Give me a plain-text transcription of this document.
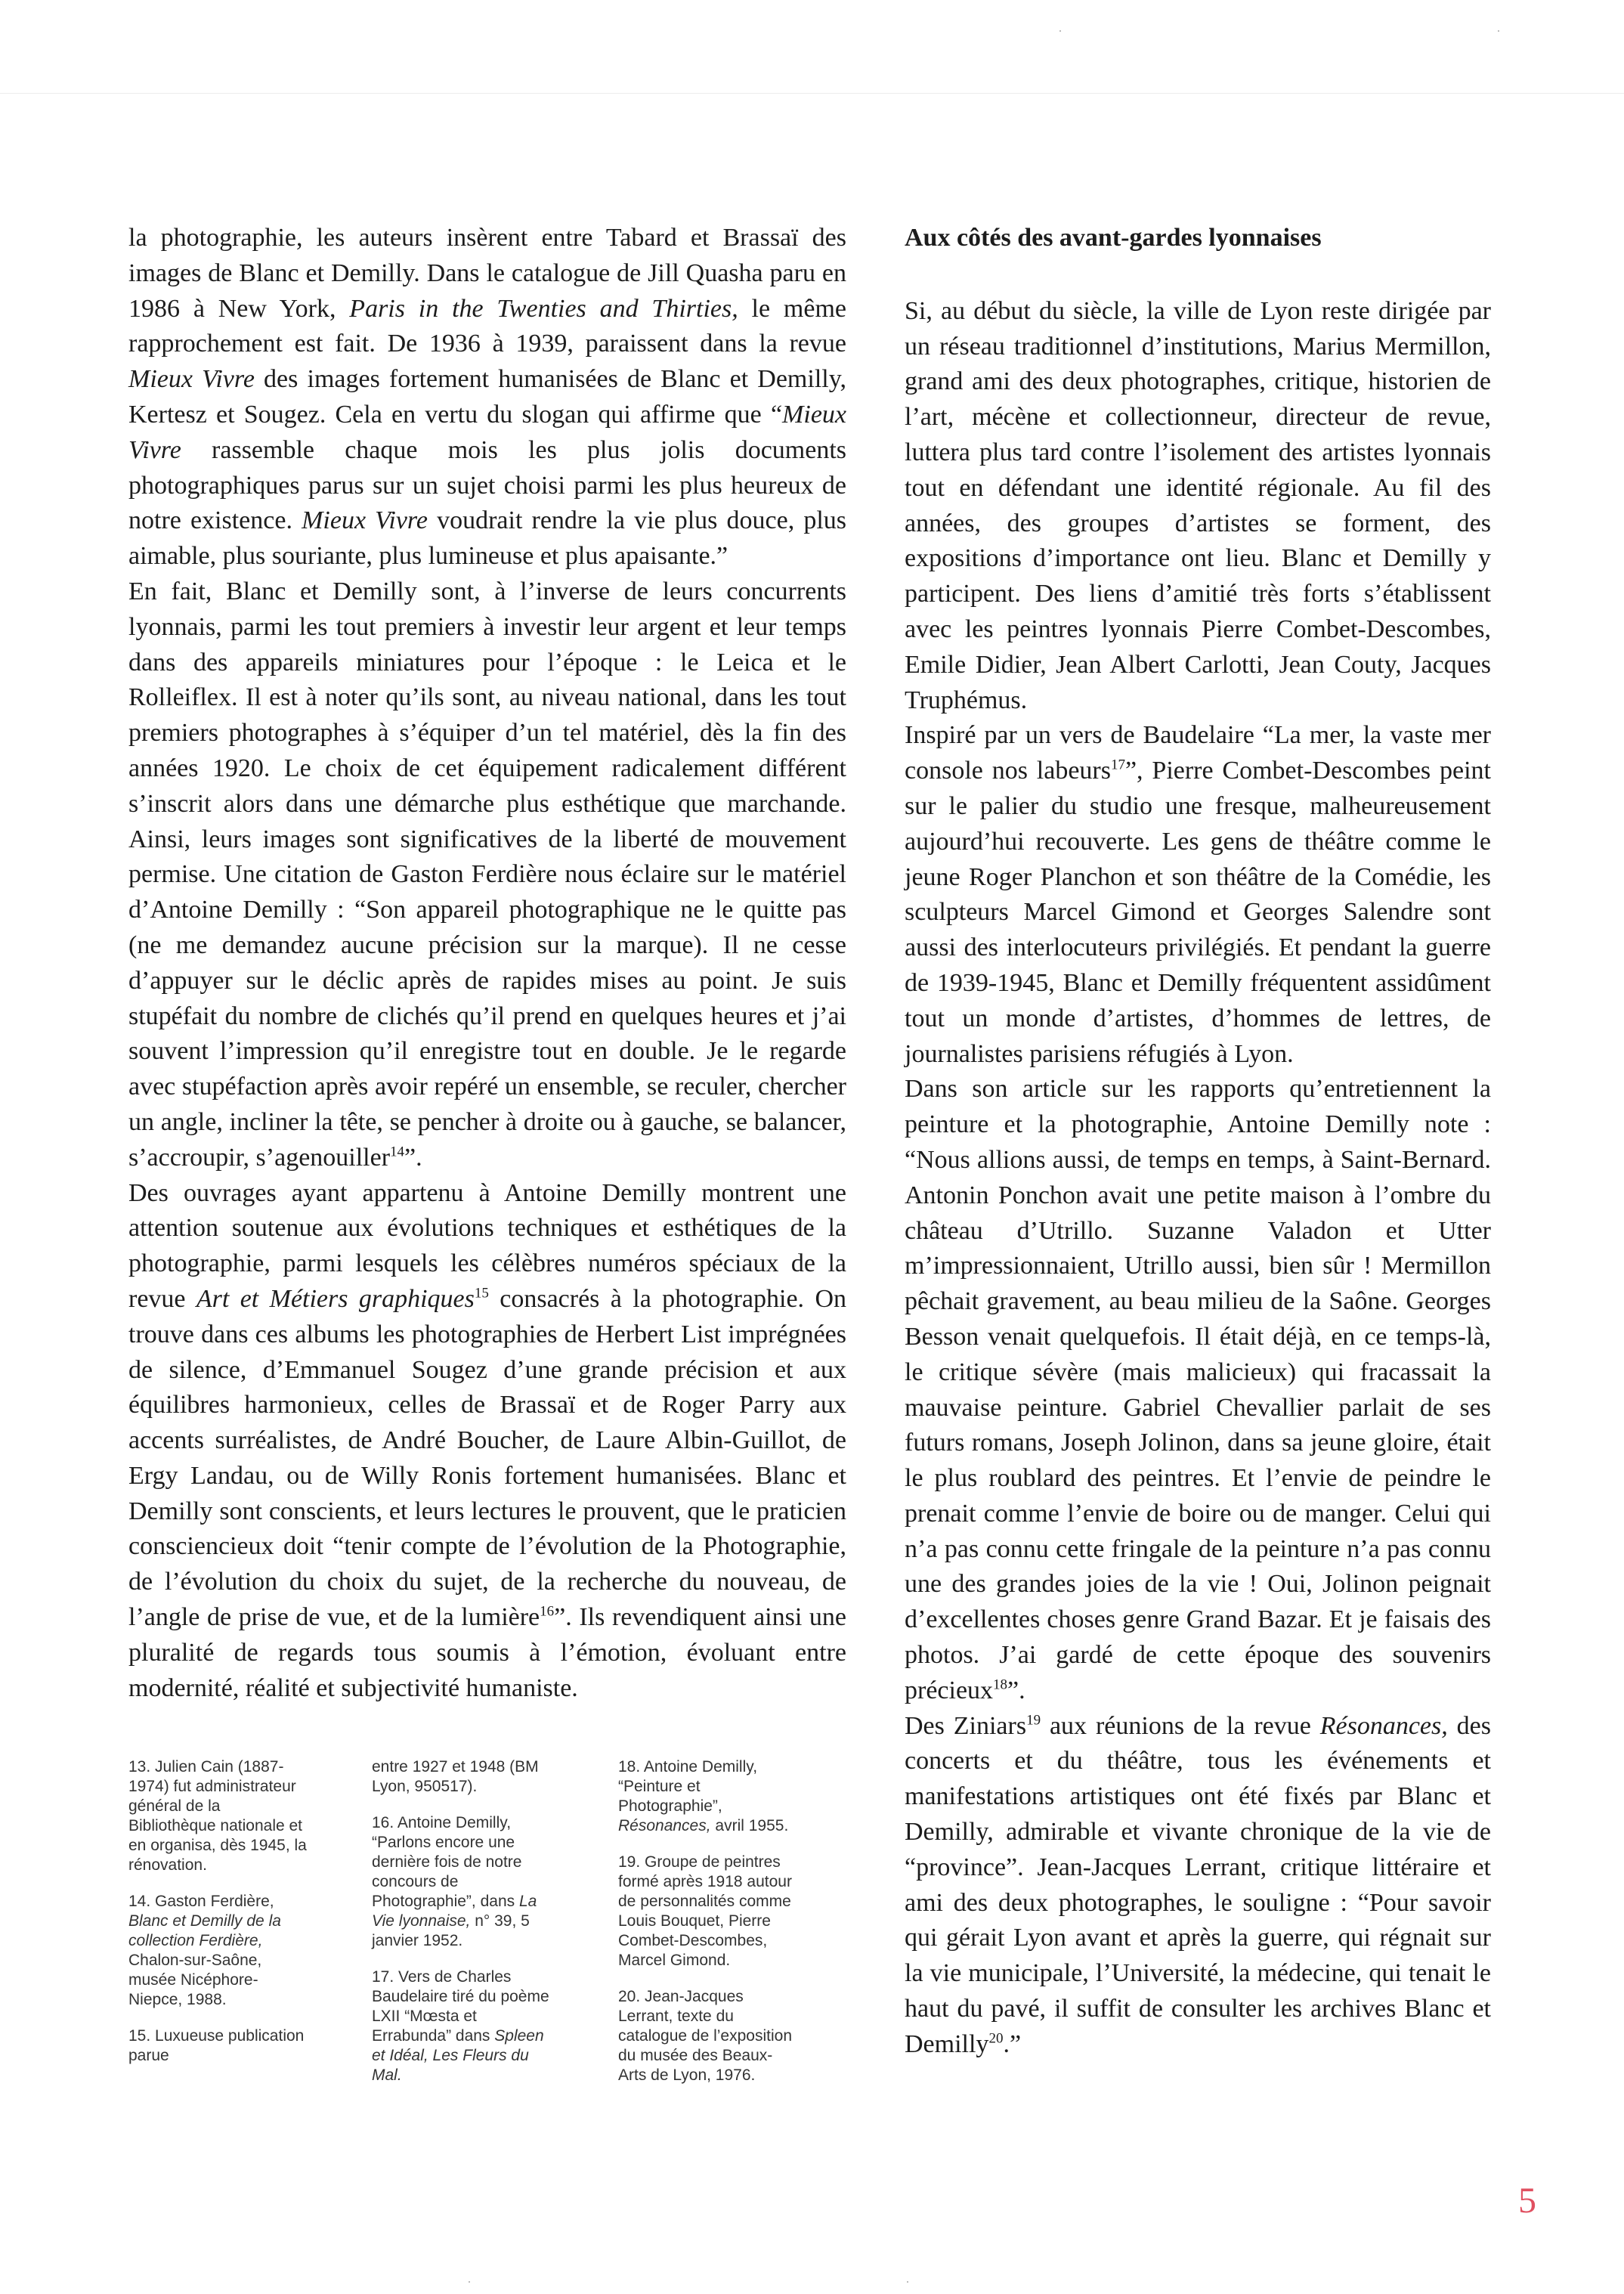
la photographie, les auteurs insèrent entre Tabard et Brassaï des images de Blanc et Demilly. Dans le catalogue de Jill Quasha paru en 1986 à New York, Paris in the Twenties and Thirties, le même rapprochement est fait. De 1936 à 1939, paraissent dans la revue Mieux Vivre des images fortement humanisées de Blanc et Demilly, Kertesz et Sougez. Cela en vertu du slogan qui affirme que “Mieux Vivre rassemble chaque mois les plus jolis documents photographiques parus sur un sujet choisi parmi les plus heureux de notre existence. Mieux Vivre voudrait rendre la vie plus douce, plus aimable, plus souriante, plus lumineuse et plus apaisante.”

En fait, Blanc et Demilly sont, à l’inverse de leurs concurrents lyonnais, parmi les tout premiers à investir leur argent et leur temps dans des appareils miniatures pour l’époque : le Leica et le Rolleiflex. Il est à noter qu’ils sont, au niveau national, dans les tout premiers photographes à s’équiper d’un tel matériel, dès la fin des années 1920. Le choix de cet équipement radicalement différent s’inscrit alors dans une démarche plus esthétique que marchande. Ainsi, leurs images sont significatives de la liberté de mouvement permise. Une citation de Gaston Ferdière nous éclaire sur le matériel d’Antoine Demilly : “Son appareil photographique ne le quitte pas (ne me demandez aucune précision sur la marque). Il ne cesse d’appuyer sur le déclic après de rapides mises au point. Je suis stupéfait du nombre de clichés qu’il prend en quelques heures et j’ai souvent l’impression qu’il enregistre tout en double. Je le regarde avec stupéfaction après avoir repéré un ensemble, se reculer, chercher un angle, incliner la tête, se pencher à droite ou à gauche, se balancer, s’accroupir, s’agenouiller$^{14}$”.

Des ouvrages ayant appartenu à Antoine Demilly montrent une attention soutenue aux évolutions techniques et esthétiques de la photographie, parmi lesquels les célèbres numéros spéciaux de la revue Art et Métiers graphiques$^{15}$ consacrés à la photographie. On trouve dans ces albums les photographies de Herbert List imprégnées de silence, d’Emmanuel Sougez d’une grande précision et aux équilibres harmonieux, celles de Brassaï et de Roger Parry aux accents surréalistes, de André Boucher, de Laure Albin-Guillot, de Ergy Landau, ou de Willy Ronis fortement humanisées. Blanc et Demilly sont conscients, et leurs lectures le prouvent, que le praticien consciencieux doit “tenir compte de l’évolution de la Photographie, de l’évolution du choix du sujet, de la recherche du nouveau, de l’angle de prise de vue, et de la lumière$^{16}$”. Ils revendiquent ainsi une pluralité de regards tous soumis à l’émotion, évoluant entre modernité, réalité et subjectivité humaniste.

Aux côtés des avant-gardes lyonnaises

Si, au début du siècle, la ville de Lyon reste dirigée par un réseau traditionnel d’institutions, Marius Mermillon, grand ami des deux photographes, critique, historien de l’art, mécène et collectionneur, directeur de revue, luttera plus tard contre l’isolement des artistes lyonnais tout en défendant une identité régionale. Au fil des années, des groupes d’artistes se forment, des expositions d’importance ont lieu. Blanc et Demilly y participent. Des liens d’amitié très forts s’établissent avec les peintres lyonnais Pierre Combet-Descombes, Emile Didier, Jean Albert Carlotti, Jean Couty, Jacques Truphémus.

Inspiré par un vers de Baudelaire “La mer, la vaste mer console nos labeurs$^{17}$”, Pierre Combet-Descombes peint sur le palier du studio une fresque, malheureusement aujourd’hui recouverte. Les gens de théâtre comme le jeune Roger Planchon et son théâtre de la Comédie, les sculpteurs Marcel Gimond et Georges Salendre sont aussi des interlocuteurs privilégiés. Et pendant la guerre de 1939-1945, Blanc et Demilly fréquentent assidûment tout un monde d’artistes, d’hommes de lettres, de journalistes parisiens réfugiés à Lyon.

Dans son article sur les rapports qu’entretiennent la peinture et la photographie, Antoine Demilly note : “Nous allions aussi, de temps en temps, à Saint-Bernard. Antonin Ponchon avait une petite maison à l’ombre du château d’Utrillo. Suzanne Valadon et Utter m’impressionnaient, Utrillo aussi, bien sûr ! Mermillon pêchait gravement, au beau milieu de la Saône. Georges Besson venait quelquefois. Il était déjà, en ce temps-là, le critique sévère (mais malicieux) qui fracassait la mauvaise peinture. Gabriel Chevallier parlait de ses futurs romans, Joseph Jolinon, dans sa jeune gloire, était le plus roublard des peintres. Et l’envie de peindre le prenait comme l’envie de boire ou de manger. Celui qui n’a pas connu cette fringale de la peinture n’a pas connu une des grandes joies de la vie ! Oui, Jolinon peignait d’excellentes choses genre Grand Bazar. Et je faisais des photos. J’ai gardé de cette époque des souvenirs précieux$^{18}$”.

Des Ziniars$^{19}$ aux réunions de la revue Résonances, des concerts et du théâtre, tous les événements et manifestations artistiques ont été fixés par Blanc et Demilly, admirable et vivante chronique de la vie de “province”. Jean-Jacques Lerrant, critique littéraire et ami des deux photographes, le souligne : “Pour savoir qui gérait Lyon avant et après la guerre, qui régnait sur la vie municipale, l’Université, la médecine, qui tenait le haut du pavé, il suffit de consulter les archives Blanc et Demilly$^{20}$.”

13. Julien Cain (1887-1974) fut administrateur général de la Bibliothèque nationale et en organisa, dès 1945, la rénovation.

14. Gaston Ferdière, Blanc et Demilly de la collection Ferdière, Chalon-sur-Saône, musée Nicéphore-Niepce, 1988.

15. Luxueuse publication parue

entre 1927 et 1948 (BM Lyon, 950517).

16. Antoine Demilly, “Parlons encore une dernière fois de notre concours de Photographie”, dans La Vie lyonnaise, n° 39, 5 janvier 1952.

17. Vers de Charles Baudelaire tiré du poème LXII “Mœsta et Errabunda” dans Spleen et Idéal, Les Fleurs du Mal.

18. Antoine Demilly, “Peinture et Photographie”, Résonances, avril 1955.

19. Groupe de peintres formé après 1918 autour de personnalités comme Louis Bouquet, Pierre Combet-Descombes, Marcel Gimond.

20. Jean-Jacques Lerrant, texte du catalogue de l’exposition du musée des Beaux-Arts de Lyon, 1976.

5
